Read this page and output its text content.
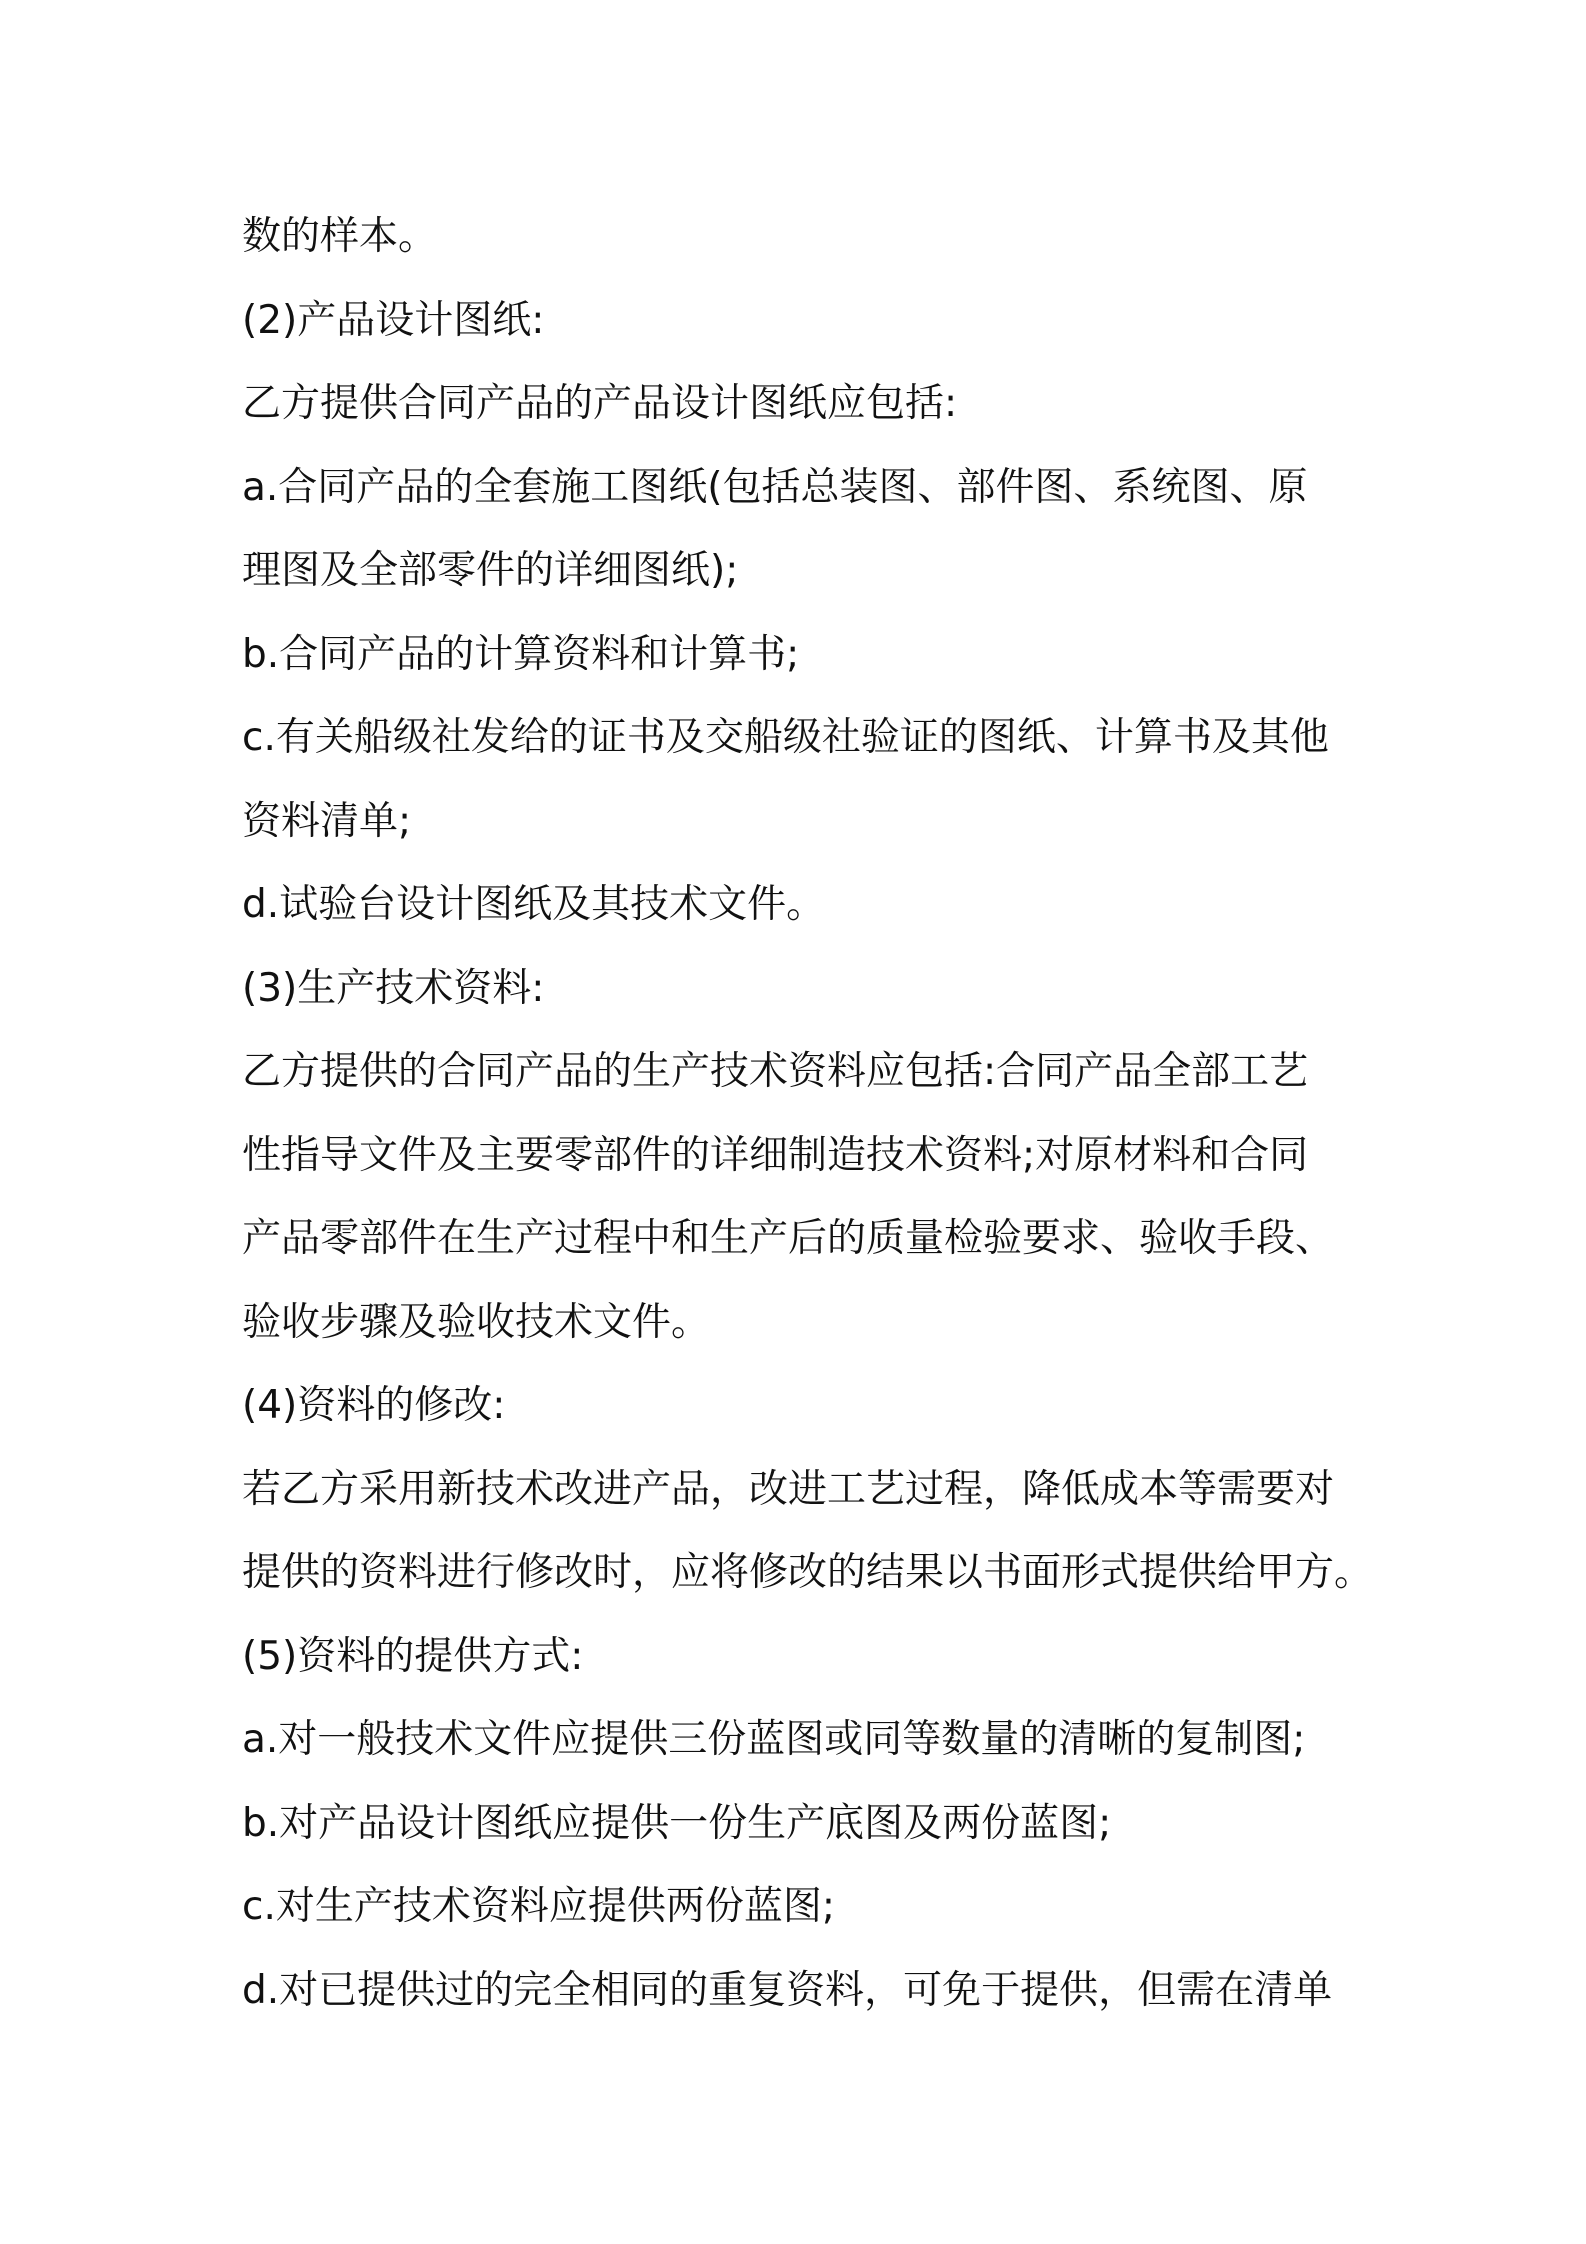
数的样本。
(2)产品设计图纸:
乙方提供合同产品的产品设计图纸应包括:
a.合同产品的全套施工图纸(包括总装图、部件图、系统图、原
理图及全部零件的详细图纸);
b.合同产品的计算资料和计算书;
c.有关船级社发给的证书及交船级社验证的图纸、计算书及其他
资料清单;
d.试验台设计图纸及其技术文件。
(3)生产技术资料:
乙方提供的合同产品的生产技术资料应包括:合同产品全部工艺
性指导文件及主要零部件的详细制造技术资料;对原材料和合同
产品零部件在生产过程中和生产后的质量检验要求、验收手段、
验收步骤及验收技术文件。
(4)资料的修改:
若乙方采用新技术改进产品，改进工艺过程，降低成本等需要对
提供的资料进行修改时，应将修改的结果以书面形式提供给甲方。
(5)资料的提供方式:
a.对一般技术文件应提供三份蓝图或同等数量的清晰的复制图;
b.对产品设计图纸应提供一份生产底图及两份蓝图;
c.对生产技术资料应提供两份蓝图;
d.对已提供过的完全相同的重复资料，可免于提供，但需在清单
